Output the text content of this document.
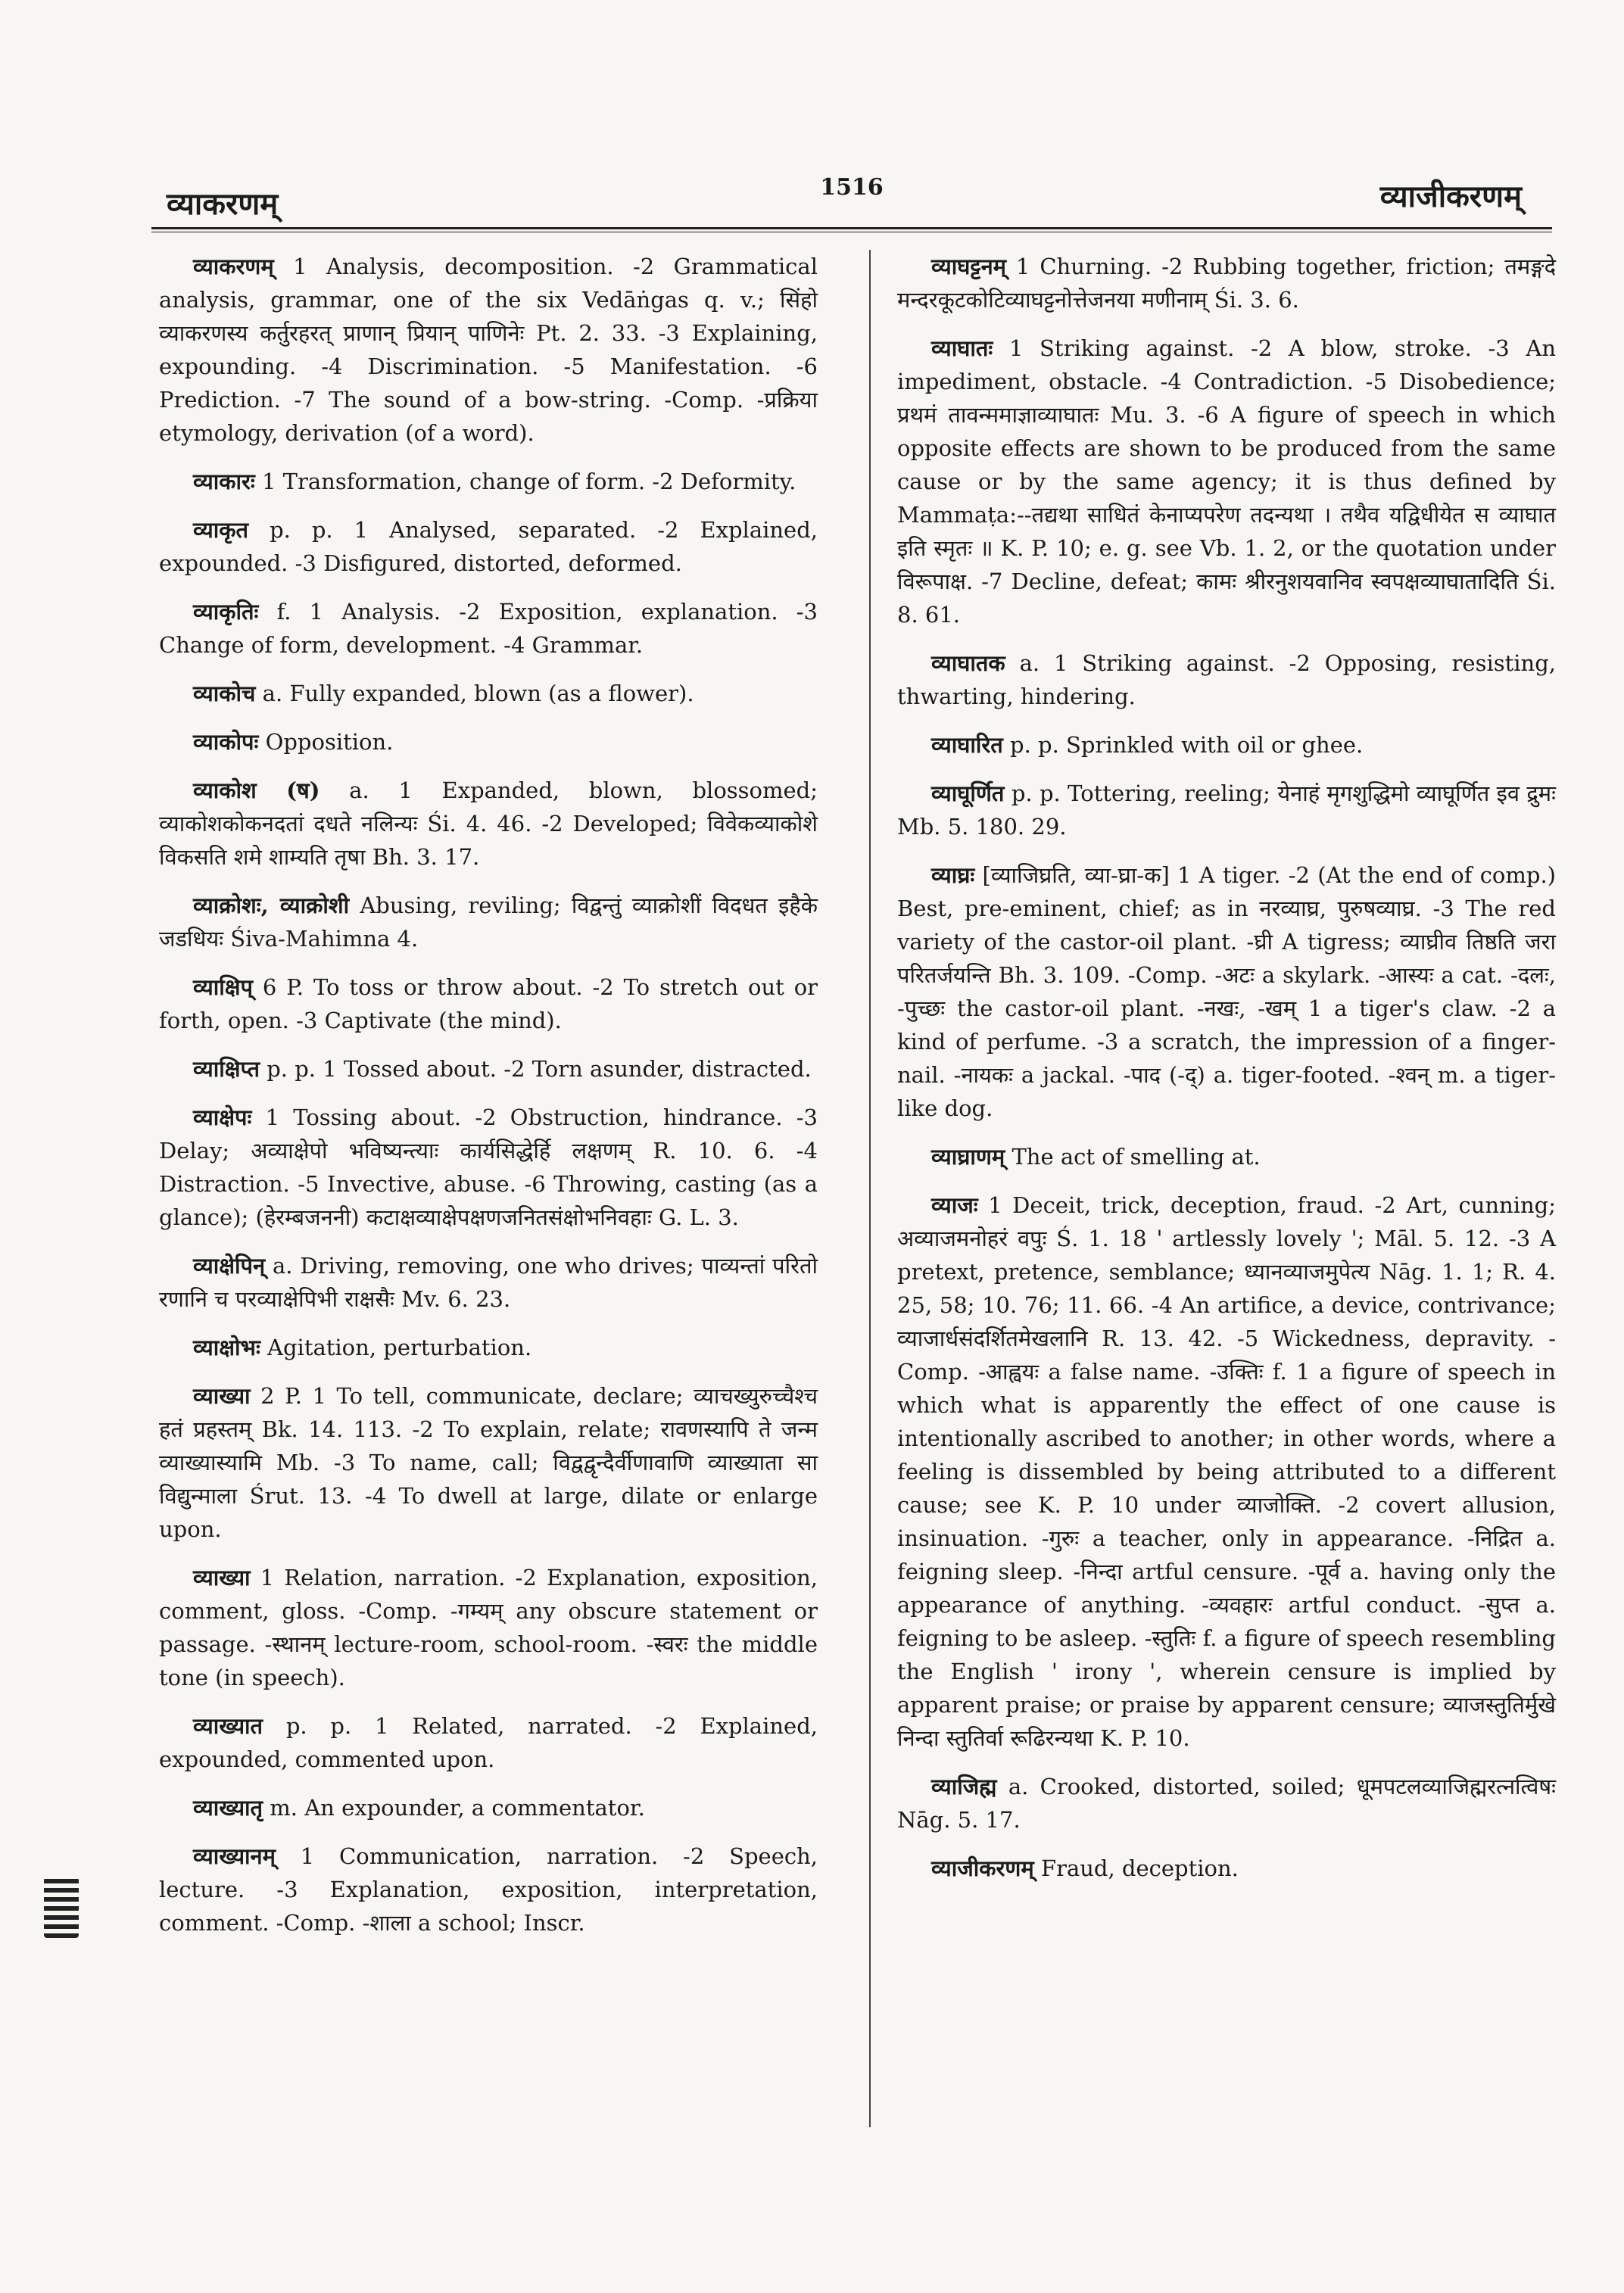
व्याकरणम्	1516	व्याजीकरणम्

व्याकरणम् 1 Analysis, decomposition. -2 Grammatical analysis, grammar, one of the six Vedāṅgas q. v.; सिंहो व्याकरणस्य कर्तुरहरत् प्राणान् प्रियान् पाणिनेः Pt. 2. 33. -3 Explaining, expounding. -4 Discrimination. -5 Manifestation. -6 Prediction. -7 The sound of a bow-string. -Comp. -प्रक्रिया etymology, derivation (of a word).

व्याकारः 1 Transformation, change of form. -2 Deformity.

व्याकृत p. p. 1 Analysed, separated. -2 Explained, expounded. -3 Disfigured, distorted, deformed.

व्याकृतिः f. 1 Analysis. -2 Exposition, explanation. -3 Change of form, development. -4 Grammar.

व्याकोच a. Fully expanded, blown (as a flower).

व्याकोपः Opposition.

व्याकोश (ष) a. 1 Expanded, blown, blossomed; व्याकोशकोकनदतां दधते नलिन्यः Śi. 4. 46. -2 Developed; विवेकव्याकोशे विकसति शमे शाम्यति तृषा Bh. 3. 17.

व्याक्रोशः, व्याक्रोशी Abusing, reviling; विद्वन्तुं व्याक्रोशीं विदधत इहैके जडधियः Śiva-Mahimna 4.

व्याक्षिप् 6 P. To toss or throw about. -2 To stretch out or forth, open. -3 Captivate (the mind).

व्याक्षिप्त p. p. 1 Tossed about. -2 Torn asunder, distracted.

व्याक्षेपः 1 Tossing about. -2 Obstruction, hindrance. -3 Delay; अव्याक्षेपो भविष्यन्त्याः कार्यसिद्धेर्हि लक्षणम् R. 10. 6. -4 Distraction. -5 Invective, abuse. -6 Throwing, casting (as a glance); (हेरम्बजननी) कटाक्षव्याक्षेपक्षणजनितसंक्षोभनिवहाः G. L. 3.

व्याक्षेपिन् a. Driving, removing, one who drives; पाव्यन्तां परितो रणानि च परव्याक्षेपिभी राक्षसैः Mv. 6. 23.

व्याक्षोभः Agitation, perturbation.

व्याख्या 2 P. 1 To tell, communicate, declare; व्याचख्युरुच्चैश्च हतं प्रहस्तम् Bk. 14. 113. -2 To explain, relate; रावणस्यापि ते जन्म व्याख्यास्यामि Mb. -3 To name, call; विद्वद्वृन्दैर्वीणावाणि व्याख्याता सा विद्युन्माला Śrut. 13. -4 To dwell at large, dilate or enlarge upon.

व्याख्या 1 Relation, narration. -2 Explanation, exposition, comment, gloss. -Comp. -गम्यम् any obscure statement or passage. -स्थानम् lecture-room, school-room. -स्वरः the middle tone (in speech).

व्याख्यात p. p. 1 Related, narrated. -2 Explained, expounded, commented upon.

व्याख्यातृ m. An expounder, a commentator.

व्याख्यानम् 1 Communication, narration. -2 Speech, lecture. -3 Explanation, exposition, interpretation, comment. -Comp. -शाला a school; Inscr.

व्याघट्टनम् 1 Churning. -2 Rubbing together, friction; तमङ्गदे मन्दरकूटकोटिव्याघट्टनोत्तेजनया मणीनाम् Śi. 3. 6.

व्याघातः 1 Striking against. -2 A blow, stroke. -3 An impediment, obstacle. -4 Contradiction. -5 Disobedience; प्रथमं तावन्ममाज्ञाव्याघातः Mu. 3. -6 A figure of speech in which opposite effects are shown to be produced from the same cause or by the same agency; it is thus defined by Mammaṭa:--तद्यथा साधितं केनाप्यपरेण तदन्यथा । तथैव यद्विधीयेत स व्याघात इति स्मृतः ॥ K. P. 10; e. g. see Vb. 1. 2, or the quotation under विरूपाक्ष. -7 Decline, defeat; कामः श्रीरनुशयवानिव स्वपक्षव्याघातादिति Śi. 8. 61.

व्याघातक a. 1 Striking against. -2 Opposing, resisting, thwarting, hindering.

व्याघारित p. p. Sprinkled with oil or ghee.

व्याघूर्णित p. p. Tottering, reeling; येनाहं मृगशुद्धिमो व्याघूर्णित इव द्रुमः Mb. 5. 180. 29.

व्याघ्रः [व्याजिघ्रति, व्या-घ्रा-क] 1 A tiger. -2 (At the end of comp.) Best, pre-eminent, chief; as in नरव्याघ्र, पुरुषव्याघ्र. -3 The red variety of the castor-oil plant. -घ्री A tigress; व्याघ्रीव तिष्ठति जरा परितर्जयन्ति Bh. 3. 109. -Comp. -अटः a skylark. -आस्यः a cat. -दलः, -पुच्छः the castor-oil plant. -नखः, -खम् 1 a tiger's claw. -2 a kind of perfume. -3 a scratch, the impression of a finger-nail. -नायकः a jackal. -पाद (-द्) a. tiger-footed. -श्वन् m. a tiger-like dog.

व्याघ्राणम् The act of smelling at.

व्याजः 1 Deceit, trick, deception, fraud. -2 Art, cunning; अव्याजमनोहरं वपुः Ś. 1. 18 ' artlessly lovely '; Māl. 5. 12. -3 A pretext, pretence, semblance; ध्यानव्याजमुपेत्य Nāg. 1. 1; R. 4. 25, 58; 10. 76; 11. 66. -4 An artifice, a device, contrivance; व्याजार्धसंदर्शितमेखलानि R. 13. 42. -5 Wickedness, depravity. -Comp. -आह्वयः a false name. -उक्तिः f. 1 a figure of speech in which what is apparently the effect of one cause is intentionally ascribed to another; in other words, where a feeling is dissembled by being attributed to a different cause; see K. P. 10 under व्याजोक्ति. -2 covert allusion, insinuation. -गुरुः a teacher, only in appearance. -निद्रित a. feigning sleep. -निन्दा artful censure. -पूर्व a. having only the appearance of anything. -व्यवहारः artful conduct. -सुप्त a. feigning to be asleep. -स्तुतिः f. a figure of speech resembling the English ' irony ', wherein censure is implied by apparent praise; or praise by apparent censure; व्याजस्तुतिर्मुखे निन्दा स्तुतिर्वा रूढिरन्यथा K. P. 10.

व्याजिह्म a. Crooked, distorted, soiled; धूमपटलव्याजिह्मरत्नत्विषः Nāg. 5. 17.

व्याजीकरणम् Fraud, deception.
